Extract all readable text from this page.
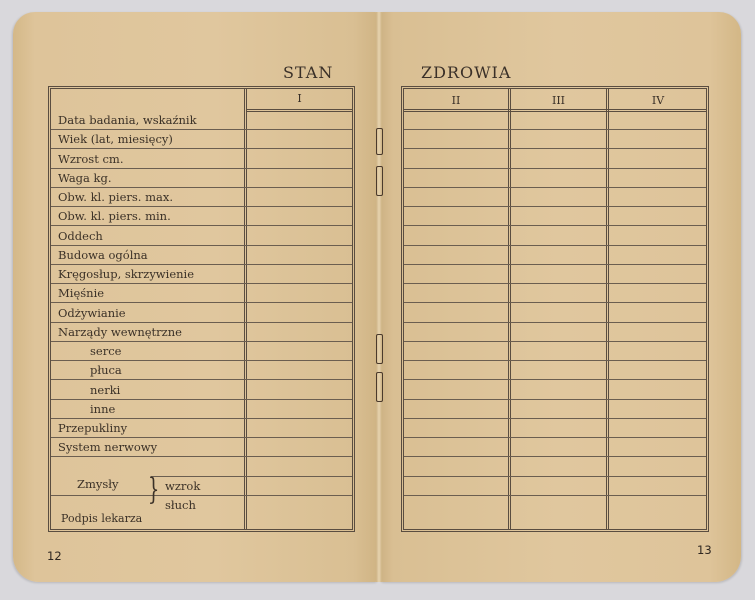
STAN	ZDROWIA
I	II	III	IV
Data badania, wskaźnik
Wiek (lat, miesięcy)
Wzrost cm.
Waga kg.
Obw. kl. piers. max.
Obw. kl. piers. min.
Oddech
Budowa ogólna
Kręgosłup, skrzywienie
Mięśnie
Odżywianie
Narządy wewnętrzne
serce
płuca
nerki
inne
Przepukliny
System nerwowy
Zmysły } wzrok
słuch
Podpis lekarza
12	13
